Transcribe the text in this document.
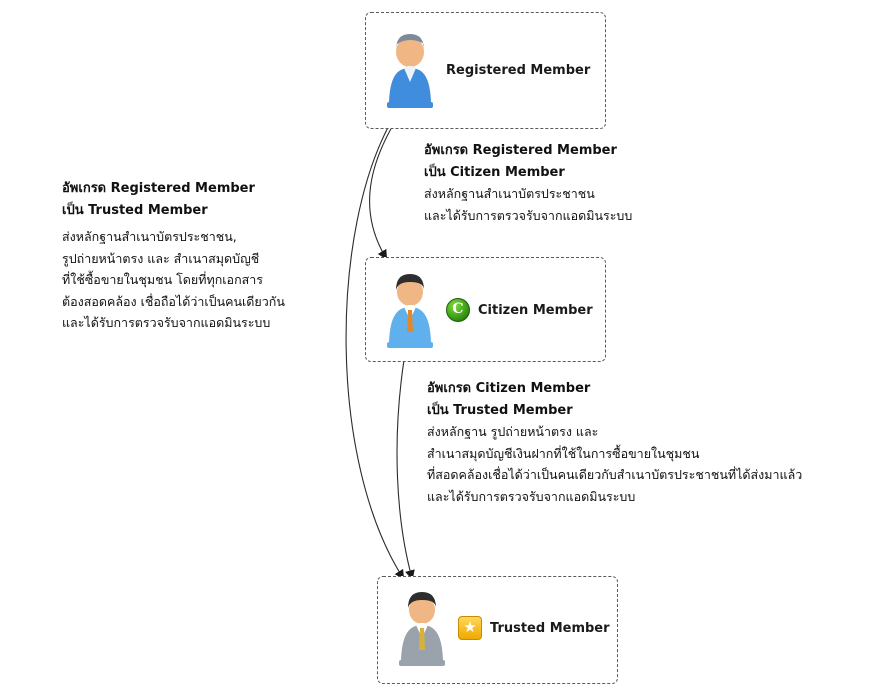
Registered Member
C	Citizen Member
★	Trusted Member
อัพเกรด Registered Member
เป็น Trusted Member
ส่งหลักฐานสำเนาบัตรประชาชน,
รูปถ่ายหน้าตรง และ สำเนาสมุดบัญชี
ที่ใช้ซื้อขายในชุมชน โดยที่ทุกเอกสาร
ต้องสอดคล้อง เชื่อถือได้ว่าเป็นคนเดียวกัน
และได้รับการตรวจรับจากแอดมินระบบ
อัพเกรด Registered Member
เป็น Citizen Member
ส่งหลักฐานสำเนาบัตรประชาชน
และได้รับการตรวจรับจากแอดมินระบบ
อัพเกรด Citizen Member
เป็น Trusted Member
ส่งหลักฐาน รูปถ่ายหน้าตรง และ
สำเนาสมุดบัญชีเงินฝากที่ใช้ในการซื้อขายในชุมชน
ที่สอดคล้องเชื่อได้ว่าเป็นคนเดียวกับสำเนาบัตรประชาชนที่ได้ส่งมาแล้ว
และได้รับการตรวจรับจากแอดมินระบบ
